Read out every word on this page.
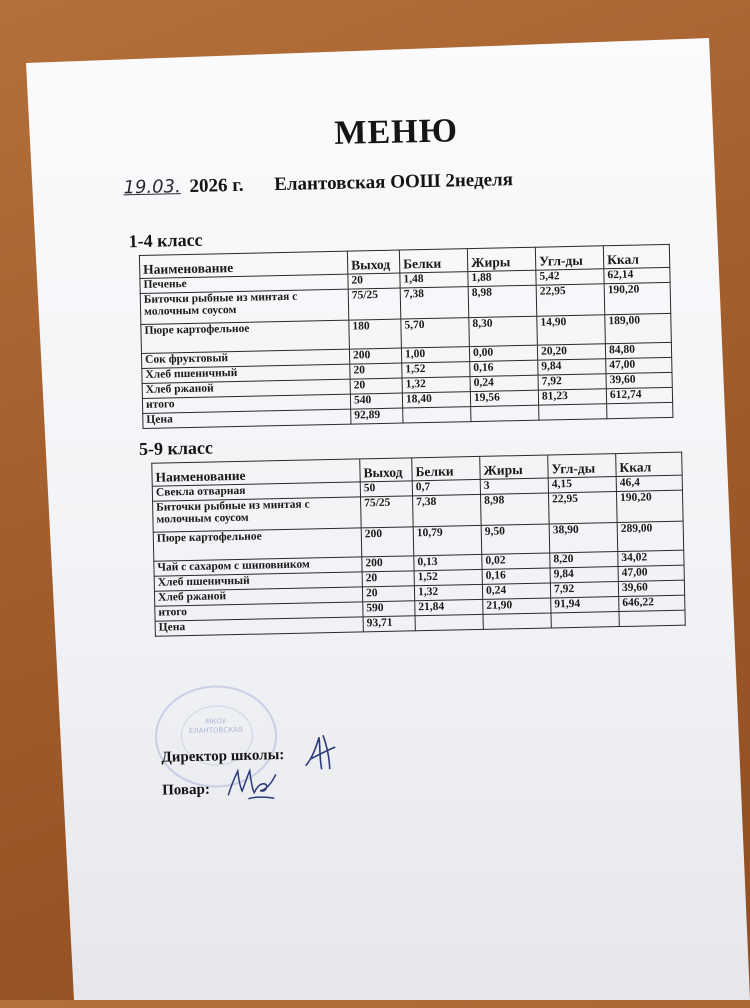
МЕНЮ
19.03. 2026 г. Елантовская ООШ 2неделя
1-4 класс
Наименование	Выход	Белки	Жиры	Угл-ды	Ккал
Печенье	20	1,48	1,88	5,42	62,14
Биточки рыбные из минтая с молочным соусом	75/25	7,38	8,98	22,95	190,20
Пюре картофельное	180	5,70	8,30	14,90	189,00
Сок фруктовый	200	1,00	0,00	20,20	84,80
Хлеб пшеничный	20	1,52	0,16	9,84	47,00
Хлеб ржаной	20	1,32	0,24	7,92	39,60
итого	540	18,40	19,56	81,23	612,74
Цена	92,89				
5-9 класс
Наименование	Выход	Белки	Жиры	Угл-ды	Ккал
Свекла отварная	50	0,7	3	4,15	46,4
Биточки рыбные из минтая с молочным соусом	75/25	7,38	8,98	22,95	190,20
Пюре картофельное	200	10,79	9,50	38,90	289,00
Чай с сахаром с шиповником	200	0,13	0,02	8,20	34,02
Хлеб пшеничный	20	1,52	0,16	9,84	47,00
Хлеб ржаной	20	1,32	0,24	7,92	39,60
итого	590	21,84	21,90	91,94	646,22
Цена	93,71				
МКОУ ЕЛАНТОВСКАЯ
Директор школы:
Повар:
